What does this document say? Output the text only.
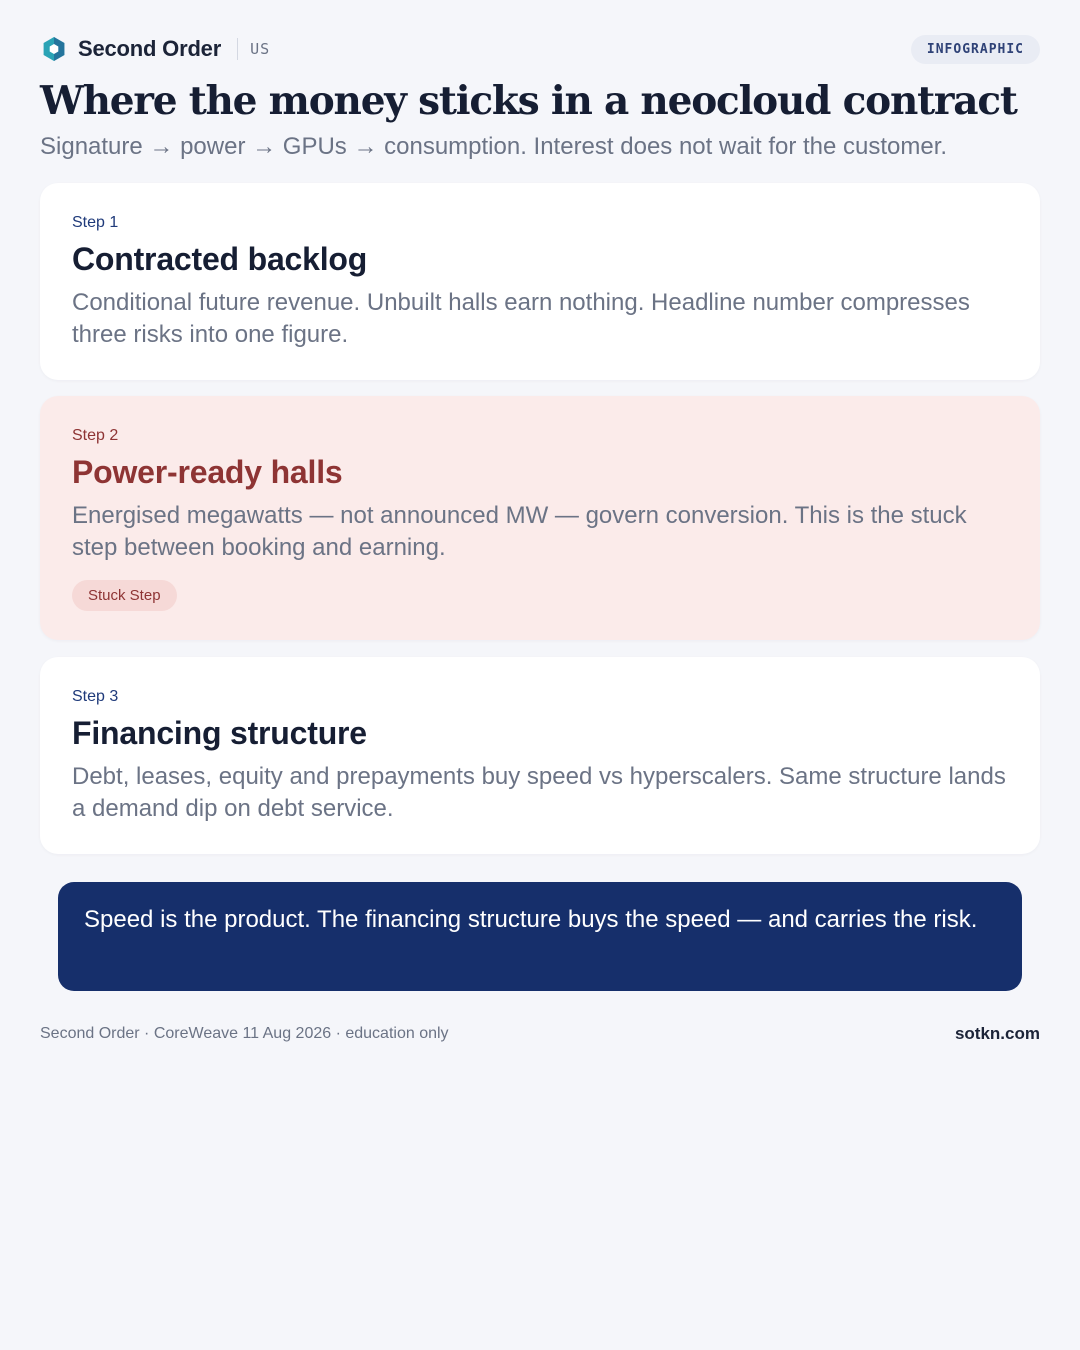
Second Order US	INFOGRAPHIC
Where the money sticks in a neocloud contract

Signature → power → GPUs → consumption. Interest does not wait for the customer.

Step 1
Contracted backlog
Conditional future revenue. Unbuilt halls earn nothing. Headline number compresses three risks into one figure.
Step 2
Power-ready halls
Energised megawatts — not announced MW — govern conversion. This is the stuck step between booking and earning.
Stuck Step
Step 3
Financing structure
Debt, leases, equity and prepayments buy speed vs hyperscalers. Same structure lands a demand dip on debt service.
Speed is the product. The financing structure buys the speed — and carries the risk.
Second Order · CoreWeave 11 Aug 2026 · education only	sotkn.com
